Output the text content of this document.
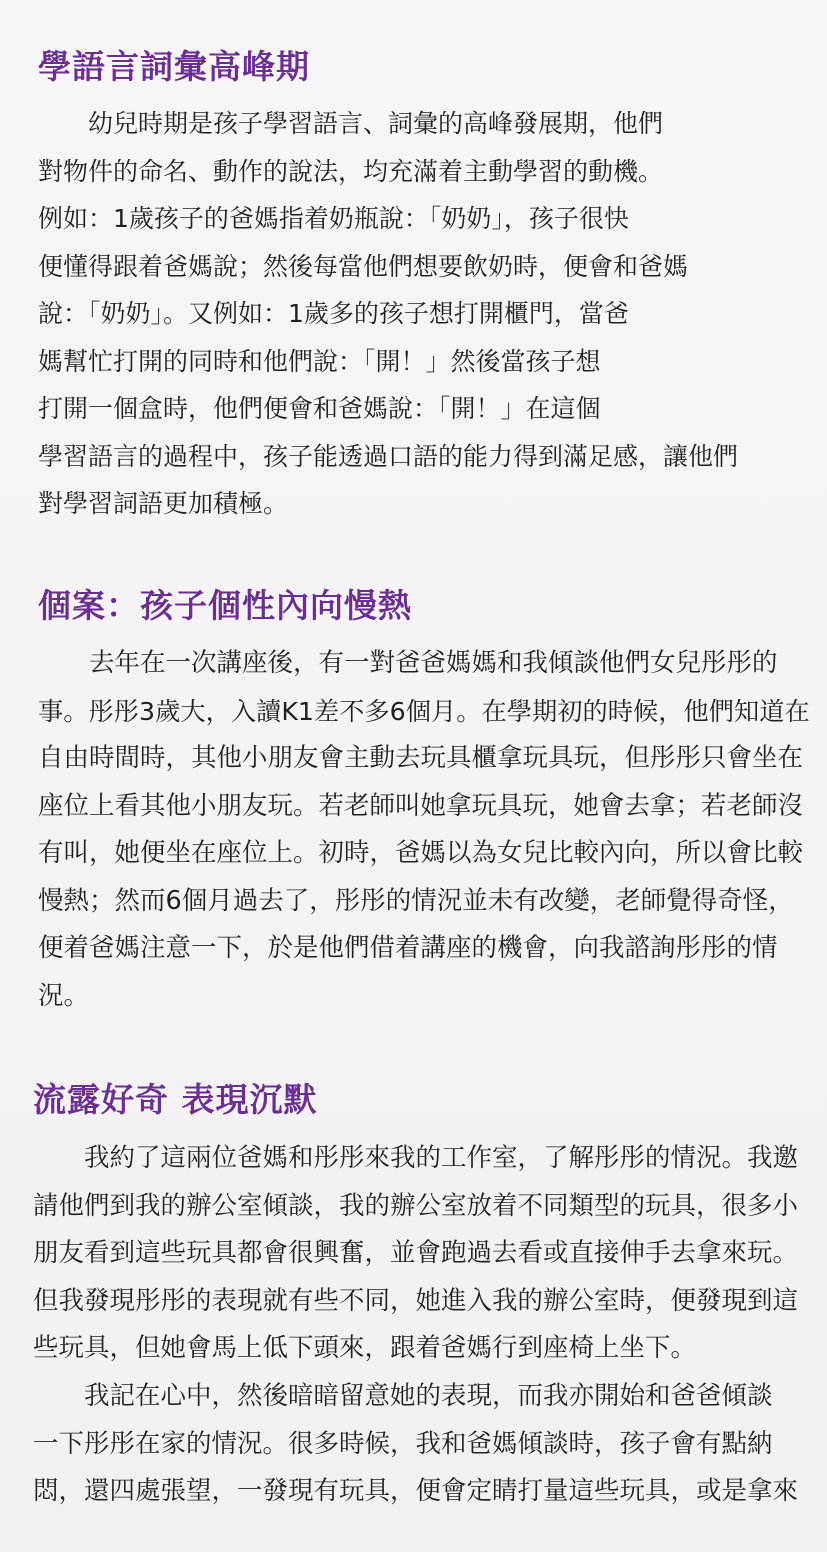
學語言詞彙高峰期
　　幼兒時期是孩子學習語言、詞彙的高峰發展期，他們
對物件的命名、動作的說法，均充滿着主動學習的動機。
例如：1歲孩子的爸媽指着奶瓶說：「奶奶」，孩子很快
便懂得跟着爸媽說；然後每當他們想要飲奶時，便會和爸媽
說：「奶奶」。又例如：1歲多的孩子想打開櫃門，當爸
媽幫忙打開的同時和他們說：「開！」然後當孩子想
打開一個盒時，他們便會和爸媽說：「開！」在這個
學習語言的過程中，孩子能透過口語的能力得到滿足感，讓他們
對學習詞語更加積極。
個案：孩子個性內向慢熱
　　去年在一次講座後，有一對爸爸媽媽和我傾談他們女兒彤彤的
事。彤彤3歲大，入讀K1差不多6個月。在學期初的時候，他們知道在
自由時間時，其他小朋友會主動去玩具櫃拿玩具玩，但彤彤只會坐在
座位上看其他小朋友玩。若老師叫她拿玩具玩，她會去拿；若老師沒
有叫，她便坐在座位上。初時，爸媽以為女兒比較內向，所以會比較
慢熱；然而6個月過去了，彤彤的情況並未有改變，老師覺得奇怪，
便着爸媽注意一下，於是他們借着講座的機會，向我諮詢彤彤的情
況。
流露好奇 表現沉默
　　我約了這兩位爸媽和彤彤來我的工作室，了解彤彤的情況。我邀
請他們到我的辦公室傾談，我的辦公室放着不同類型的玩具，很多小
朋友看到這些玩具都會很興奮，並會跑過去看或直接伸手去拿來玩。
但我發現彤彤的表現就有些不同，她進入我的辦公室時，便發現到這
些玩具，但她會馬上低下頭來，跟着爸媽行到座椅上坐下。
　　我記在心中，然後暗暗留意她的表現，而我亦開始和爸爸傾談
一下彤彤在家的情況。很多時候，我和爸媽傾談時，孩子會有點納
悶，還四處張望，一發現有玩具，便會定睛打量這些玩具，或是拿來
